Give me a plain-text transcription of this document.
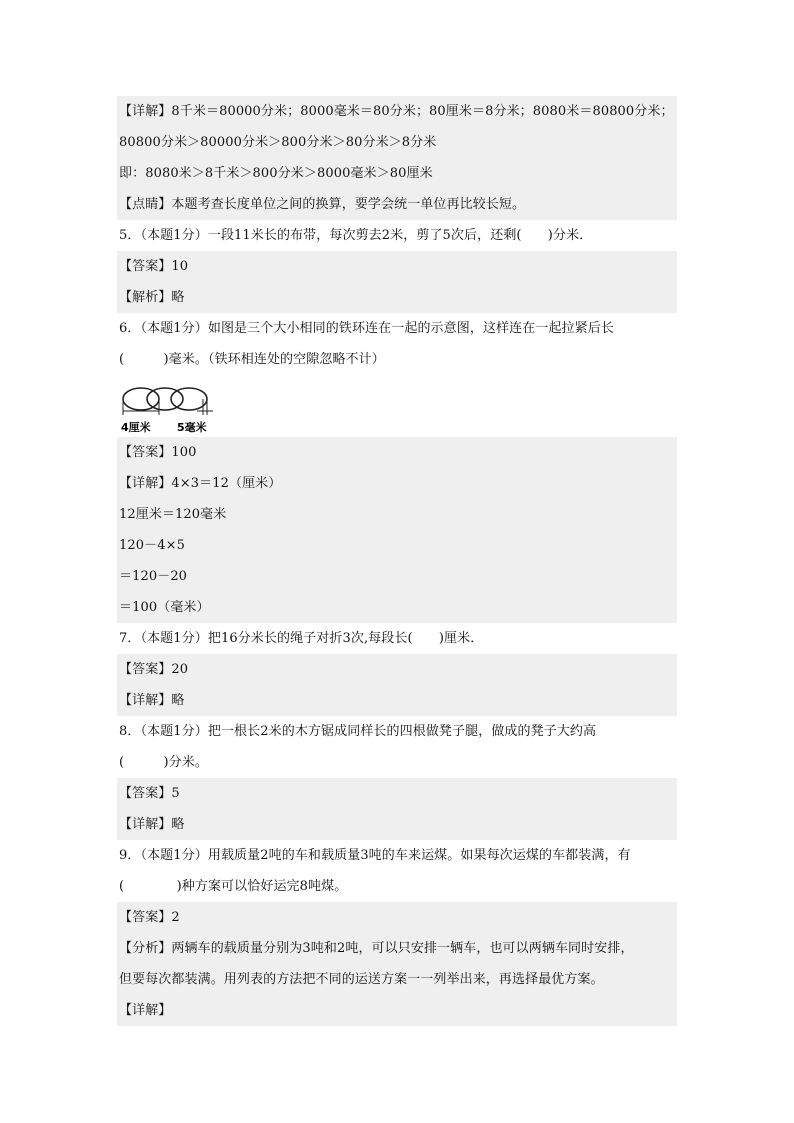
【详解】8千米＝80000分米；8000毫米＝80分米；80厘米＝8分米；8080米＝80800分米；
80800分米＞80000分米＞800分米＞80分米＞8分米
即：8080米＞8千米＞800分米＞8000毫米＞80厘米
【点睛】本题考查长度单位之间的换算，要学会统一单位再比较长短。
5．（本题1分）一段11米长的布带，每次剪去2米，剪了5次后，还剩(　　)分米．
【答案】10
【解析】略
6．（本题1分）如图是三个大小相同的铁环连在一起的示意图，这样连在一起拉紧后长
(　　　)毫米。（铁环相连处的空隙忽略不计）
4厘米 5毫米
【答案】100
【详解】4×3＝12（厘米）
12厘米＝120毫米
120－4×5
＝120－20
＝100（毫米）
7．（本题1分）把16分米长的绳子对折3次,每段长(　　)厘米．
【答案】20
【详解】略
8．（本题1分）把一根长2米的木方锯成同样长的四根做凳子腿，做成的凳子大约高
(　　　)分米。
【答案】5
【详解】略
9．（本题1分）用载质量2吨的车和载质量3吨的车来运煤。如果每次运煤的车都装满，有
(　　　　)种方案可以恰好运完8吨煤。
【答案】2
【分析】两辆车的载质量分别为3吨和2吨，可以只安排一辆车，也可以两辆车同时安排，
但要每次都装满。用列表的方法把不同的运送方案一一列举出来，再选择最优方案。
【详解】
